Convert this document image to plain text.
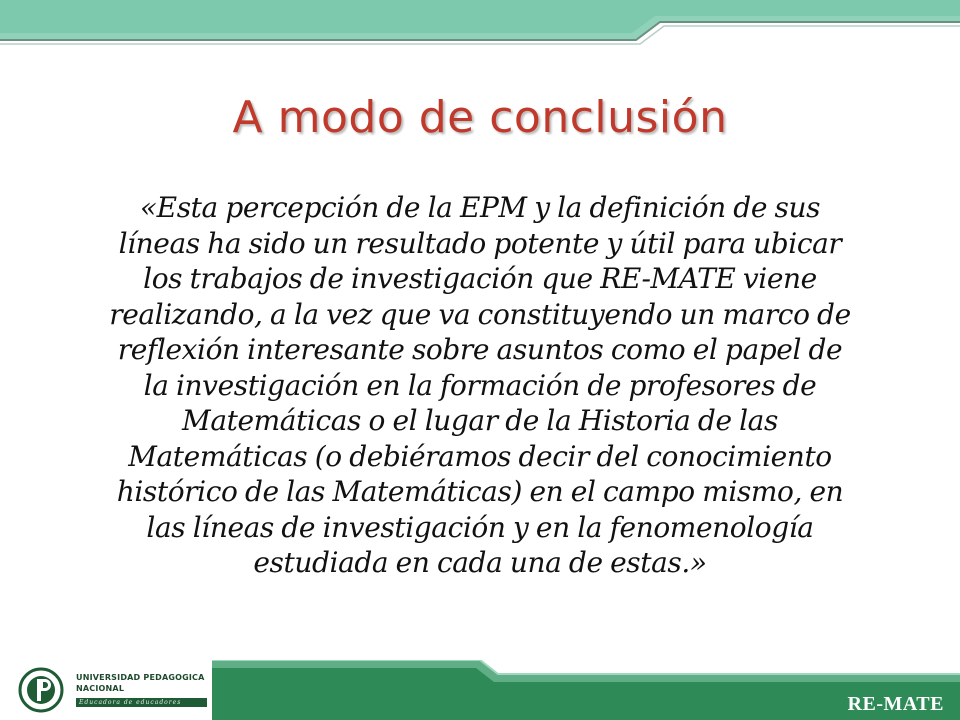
A modo de conclusión
«Esta percepción de la EPM y la definición de sus
líneas ha sido un resultado potente y útil para ubicar
los trabajos de investigación que RE-MATE viene
realizando, a la vez que va constituyendo un marco de
reflexión interesante sobre asuntos como el papel de
la investigación en la formación de profesores de
Matemáticas o el lugar de la Historia de las
Matemáticas (o debiéramos decir del conocimiento
histórico de las Matemáticas) en el campo mismo, en
las líneas de investigación y en la fenomenología
estudiada en cada una de estas.»
UNIVERSIDAD PEDAGOGICA
NACIONAL
Educadora de educadores	RE-MATE
